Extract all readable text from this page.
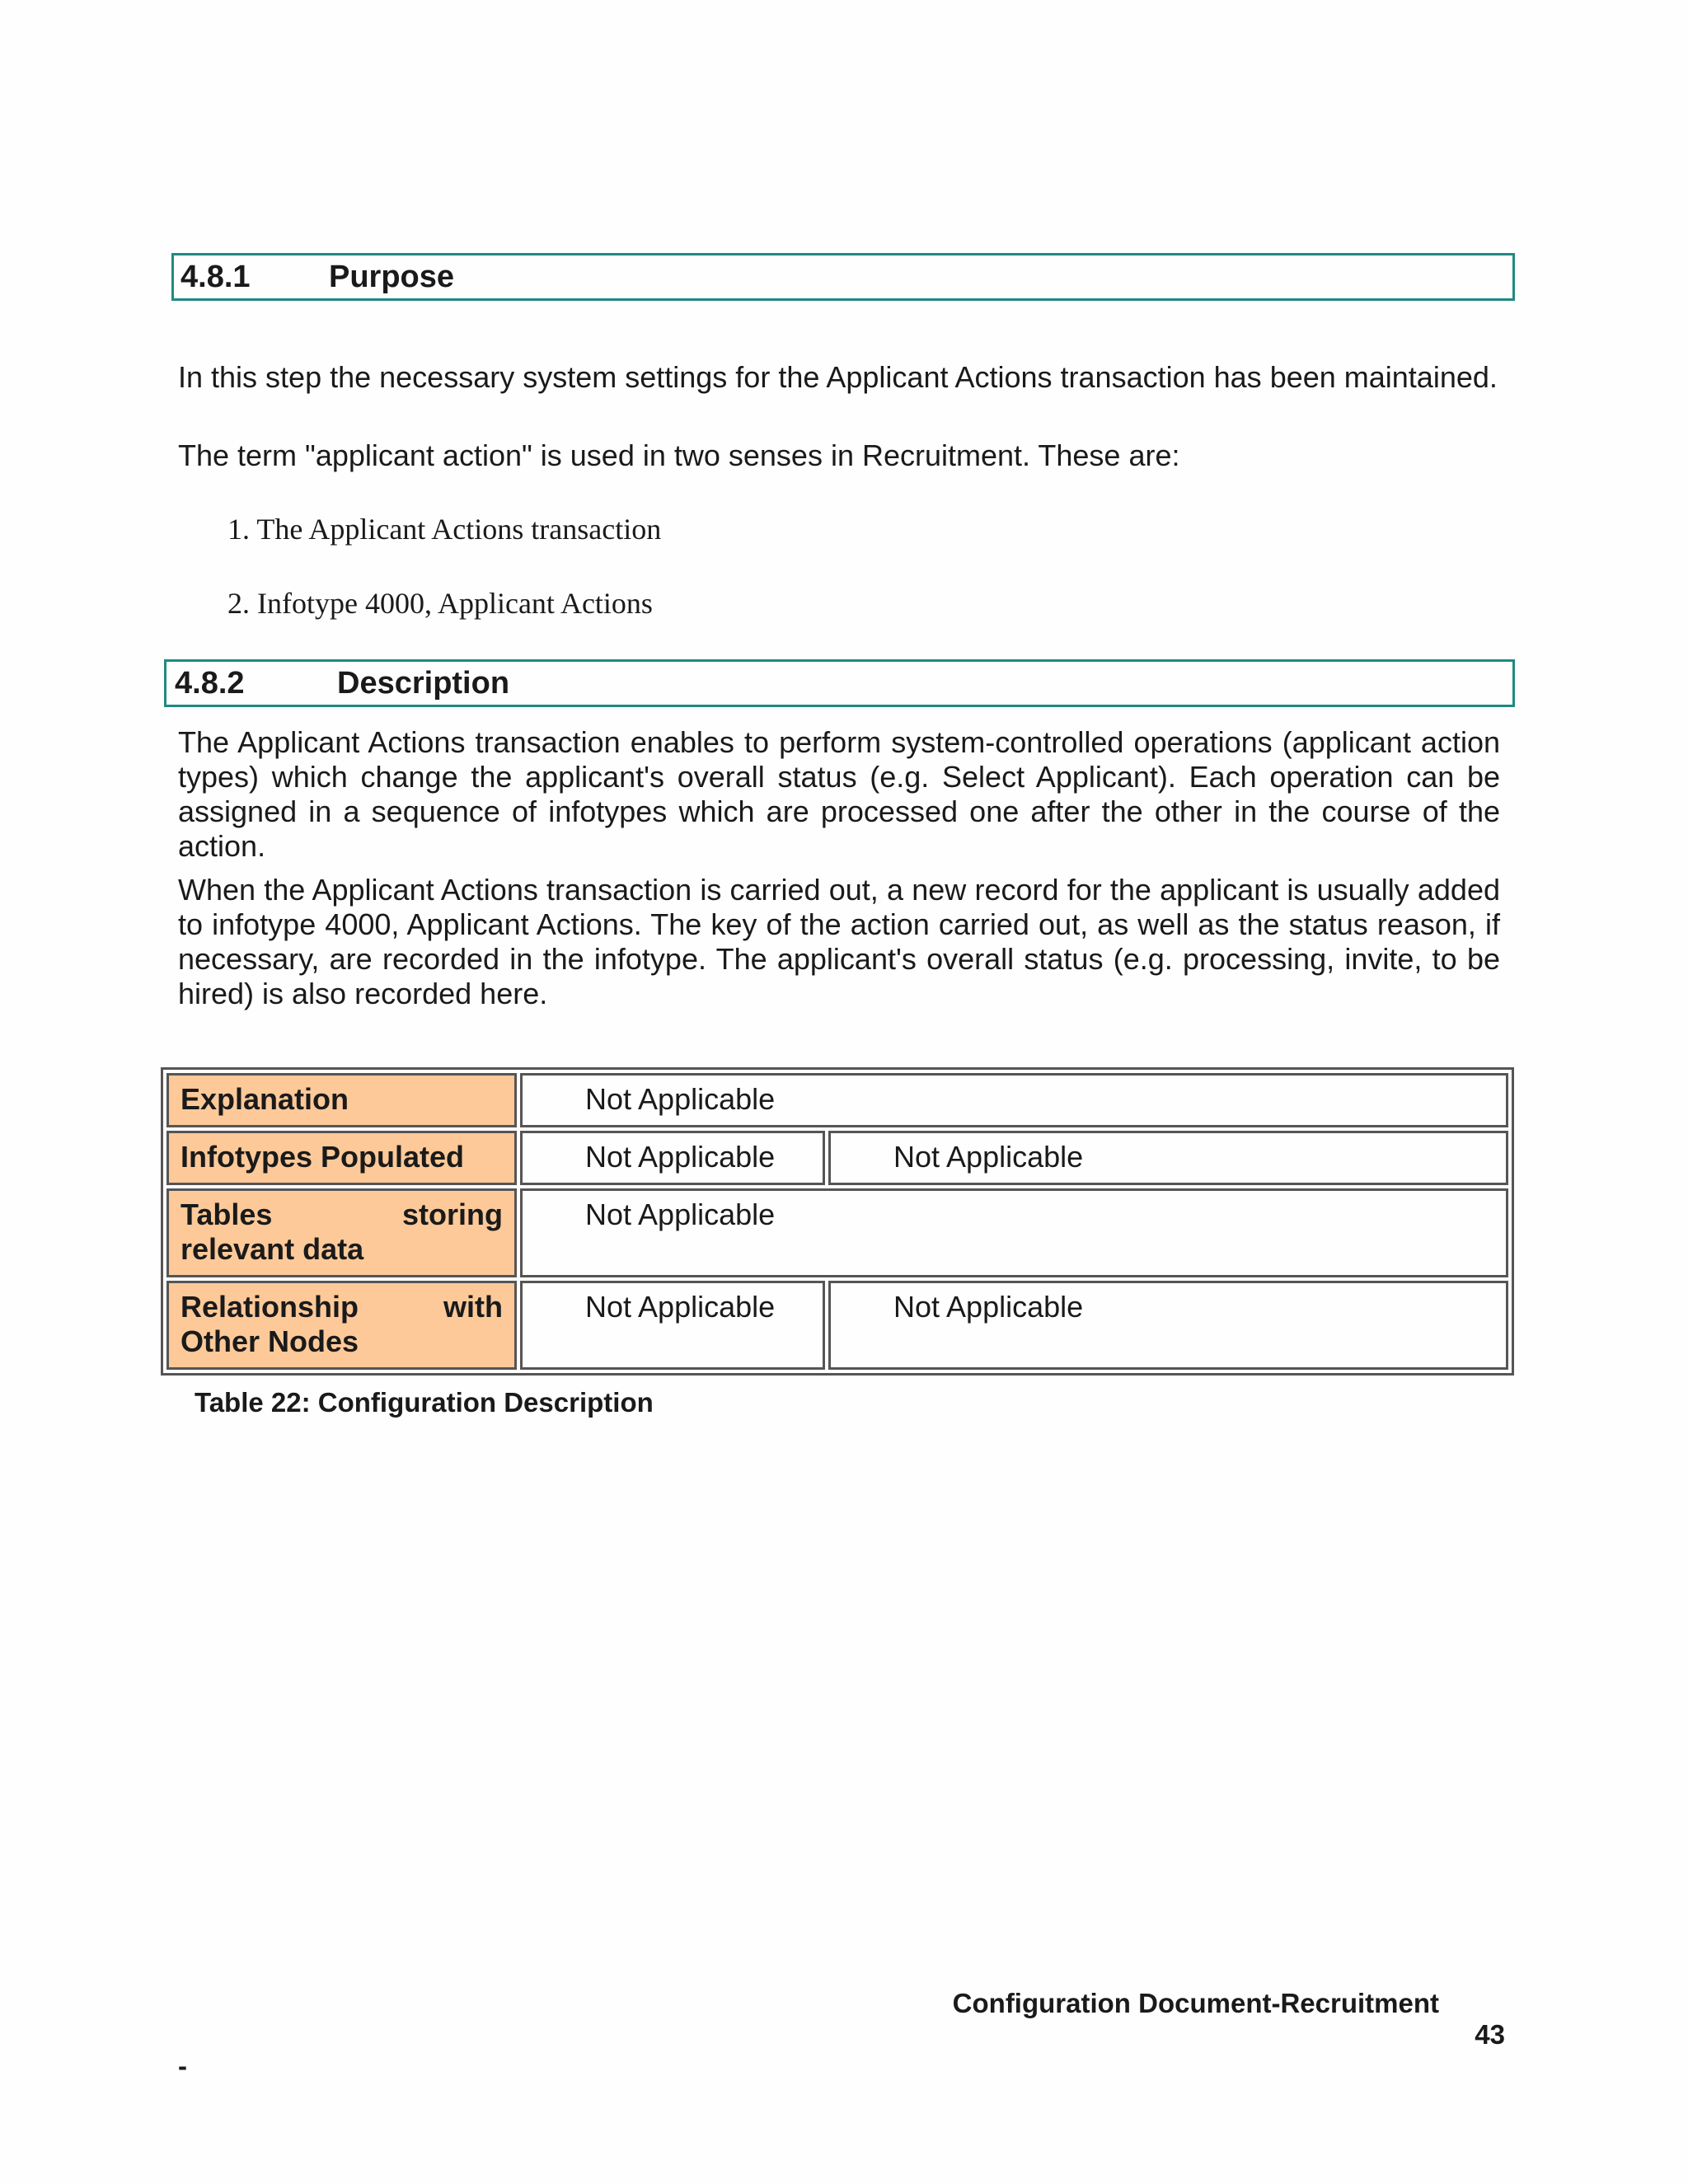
4.8.1	Purpose
In this step the necessary system settings for the Applicant Actions transaction has been maintained.
The term "applicant action" is used in two senses in Recruitment. These are:
1. The Applicant Actions transaction
2. Infotype 4000, Applicant Actions
4.8.2	Description
The Applicant Actions transaction enables to perform system-controlled operations (applicant action types) which change the applicant's overall status (e.g. Select Applicant). Each operation can be assigned in a sequence of infotypes which are processed one after the other in the course of the action.
When the Applicant Actions transaction is carried out, a new record for the applicant is usually added to infotype 4000, Applicant Actions. The key of the action carried out, as well as the status reason, if necessary, are recorded in the infotype. The applicant's overall status (e.g. processing, invite, to be hired) is also recorded here.
Explanation	Not Applicable	
Infotypes Populated	Not Applicable	Not Applicable
Tables storing relevant data	Not Applicable	
Relationship with Other Nodes	Not Applicable	Not Applicable
Table 22: Configuration Description
Configuration Document-Recruitment
43
-
